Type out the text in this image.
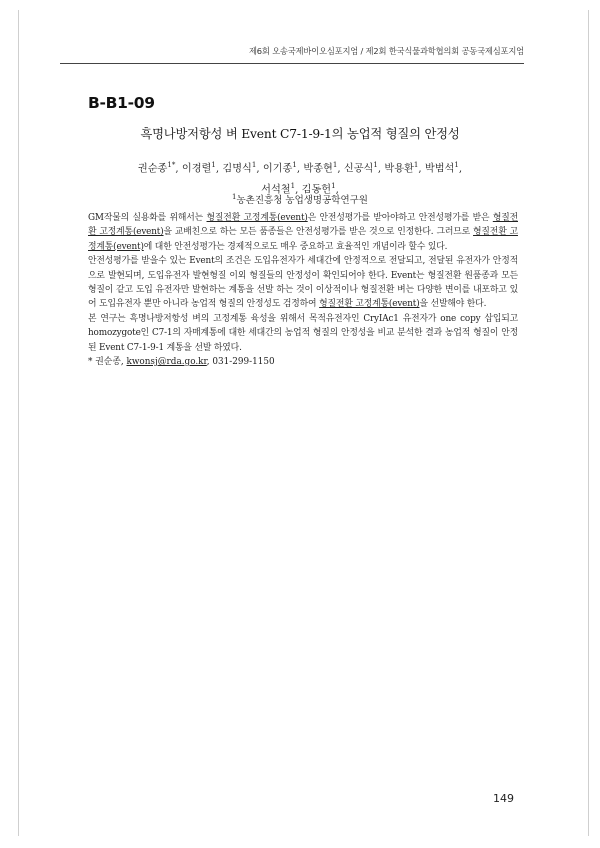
제6회 오송국제바이오심포지엄 / 제2회 한국식물과학협의회 공동국제심포지엄
B-B1-09
흑명나방저항성 벼 Event C7-1-9-1의 농업적 형질의 안정성
권순종$^{1*}$, 이경렬$^1$, 김명식$^1$, 이기종$^1$, 박종현$^1$, 신공식$^1$, 박용환$^1$, 박범석$^1$,
서석철$^1$, 김동헌$^1$,
$^1$농촌진흥청 농업생명공학연구원

GM작물의 실용화를 위해서는 형질전환 고정계통(event)은 안전성평가를 받아야하고 안전성평가를 받은 형질전환 고정계통(event)을 교배친으로 하는 모든 품종들은 안전성평가를 받은 것으로 인정한다. 그러므로 형질전환 고정계통(event)에 대한 안전성평가는 경제적으로도 매우 중요하고 효율적인 개념이라 할수 있다.

안전성평가를 받을수 있는 Event의 조건은 도입유전자가 세대간에 안정적으로 전달되고, 전달된 유전자가 안정적으로 발현되며, 도입유전자 발현형질 이외 형질들의 안정성이 확인되어야 한다. Event는 형질전환 원품종과 모든 형질이 같고 도입 유전자만 발현하는 계통을 선발 하는 것이 이상적이나 형질전환 벼는 다양한 변이를 내포하고 있어 도입유전자 뿐만 아니라 농업적 형질의 안정성도 검정하여 형질전환 고정계통(event)을 선발해야 한다.

본 연구는 흑명나방저항성 벼의 고정계통 육성을 위해서 목적유전자인 CryIAc1 유전자가 one copy 삽입되고 homozygote인 C7-1의 자매계통에 대한 세대간의 농업적 형질의 안정성을 비교 분석한 결과 농업적 형질이 안정된 Event C7-1-9-1 계통을 선발 하였다.

* 권순종, kwonsj@rda.go.kr, 031-299-1150
149
